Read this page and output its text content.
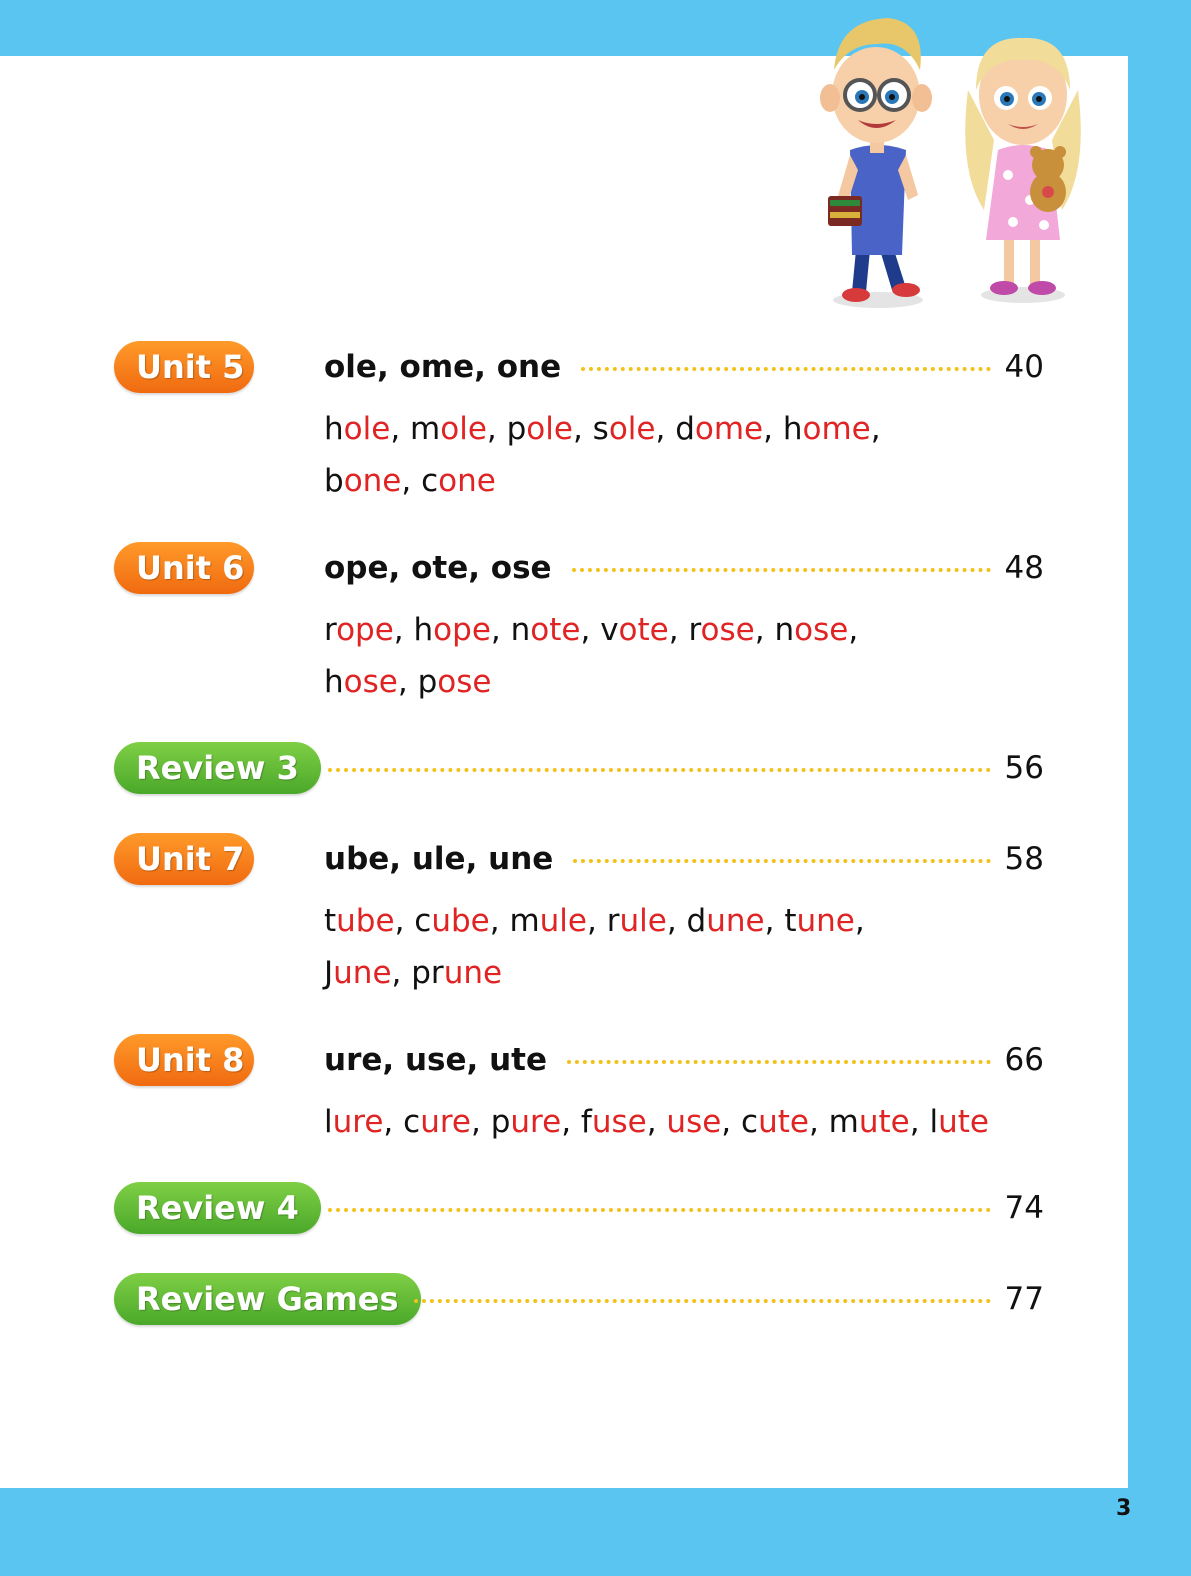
Unit 5	ole, ome, one	40
hole, mole, pole, sole, dome, home,
bone, cone
Unit 6	ope, ote, ose	48
rope, hope, note, vote, rose, nose,
hose, pose
Review 3	56
Unit 7	ube, ule, une	58
tube, cube, mule, rule, dune, tune,
June, prune
Unit 8	ure, use, ute	66
lure, cure, pure, fuse, use, cute, mute, lute
Review 4	74
Review Games	77
3
